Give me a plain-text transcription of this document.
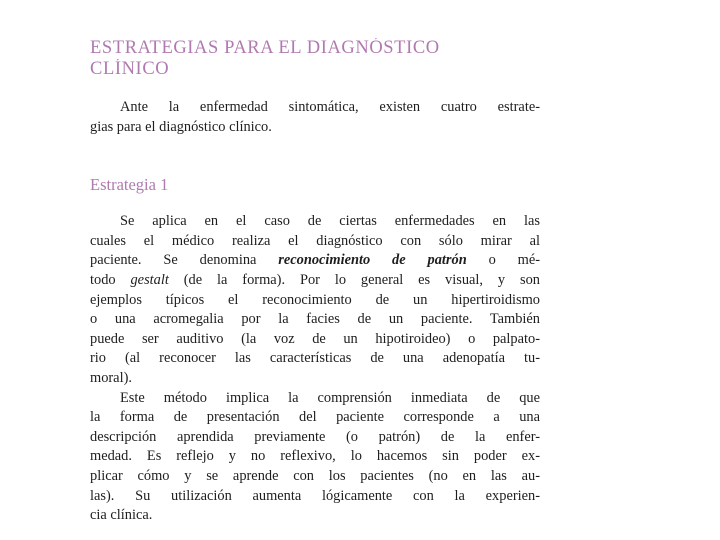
ESTRATEGIAS PARA EL DIAGNÓSTICO
CLÍNICO

Ante la enfermedad sintomática, existen cuatro estrate-
gias para el diagnóstico clínico.

Estrategia 1

Se aplica en el caso de ciertas enfermedades en las
cuales el médico realiza el diagnóstico con sólo mirar al
paciente. Se denomina reconocimiento de patrón o mé-
todo gestalt (de la forma). Por lo general es visual, y son
ejemplos típicos el reconocimiento de un hipertiroidismo
o una acromegalia por la facies de un paciente. También
puede ser auditivo (la voz de un hipotiroideo) o palpato-
rio (al reconocer las características de una adenopatía tu-
moral).

Este método implica la comprensión inmediata de que
la forma de presentación del paciente corresponde a una
descripción aprendida previamente (o patrón) de la enfer-
medad. Es reflejo y no reflexivo, lo hacemos sin poder ex-
plicar cómo y se aprende con los pacientes (no en las au-
las). Su utilización aumenta lógicamente con la experien-
cia clínica.
